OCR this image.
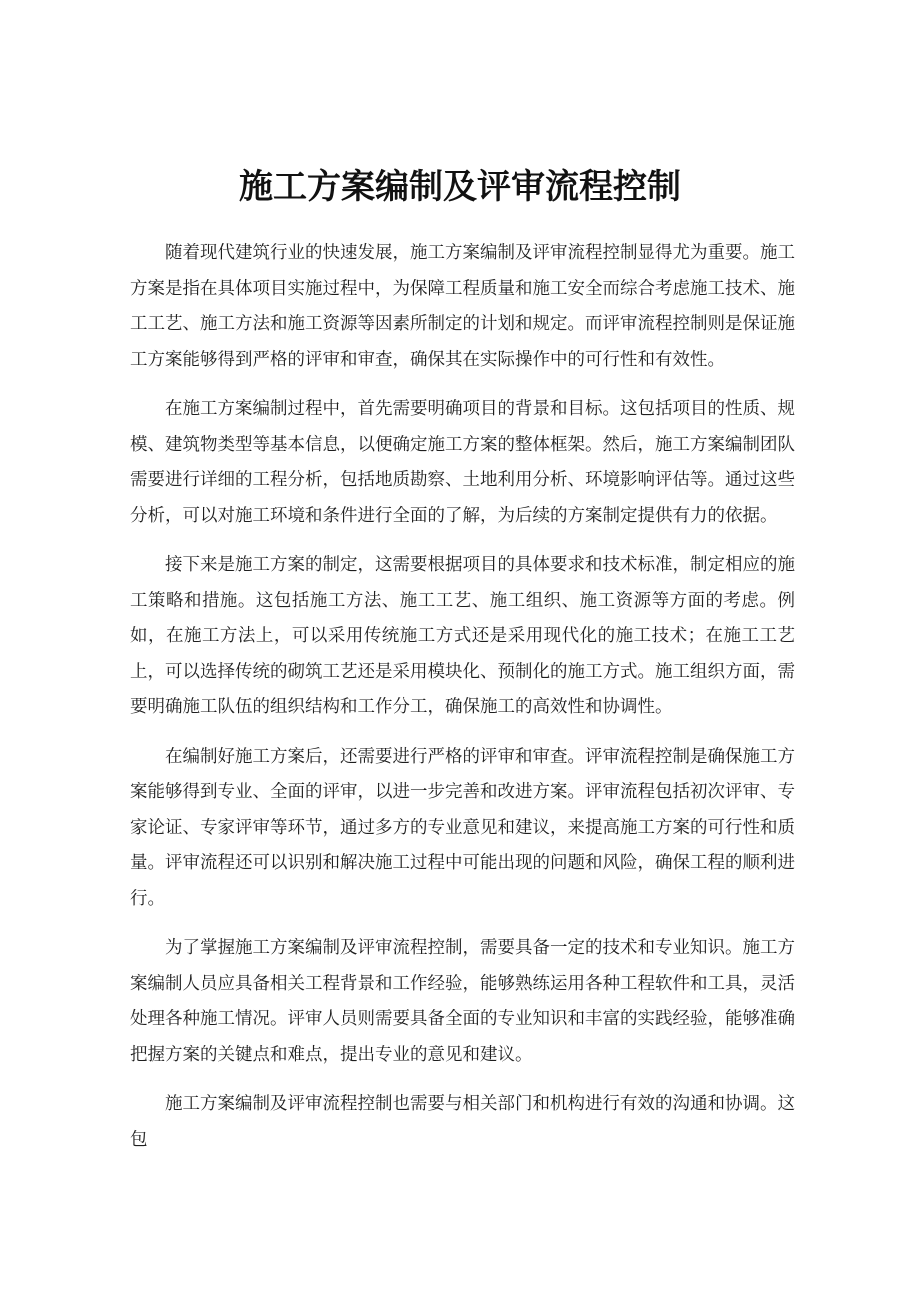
施工方案编制及评审流程控制

随着现代建筑行业的快速发展，施工方案编制及评审流程控制显得尤为重要。施工方案是指在具体项目实施过程中，为保障工程质量和施工安全而综合考虑施工技术、施工工艺、施工方法和施工资源等因素所制定的计划和规定。而评审流程控制则是保证施工方案能够得到严格的评审和审查，确保其在实际操作中的可行性和有效性。

在施工方案编制过程中，首先需要明确项目的背景和目标。这包括项目的性质、规模、建筑物类型等基本信息，以便确定施工方案的整体框架。然后，施工方案编制团队需要进行详细的工程分析，包括地质勘察、土地利用分析、环境影响评估等。通过这些分析，可以对施工环境和条件进行全面的了解，为后续的方案制定提供有力的依据。

接下来是施工方案的制定，这需要根据项目的具体要求和技术标准，制定相应的施工策略和措施。这包括施工方法、施工工艺、施工组织、施工资源等方面的考虑。例如，在施工方法上，可以采用传统施工方式还是采用现代化的施工技术；在施工工艺上，可以选择传统的砌筑工艺还是采用模块化、预制化的施工方式。施工组织方面，需要明确施工队伍的组织结构和工作分工，确保施工的高效性和协调性。

在编制好施工方案后，还需要进行严格的评审和审查。评审流程控制是确保施工方案能够得到专业、全面的评审，以进一步完善和改进方案。评审流程包括初次评审、专家论证、专家评审等环节，通过多方的专业意见和建议，来提高施工方案的可行性和质量。评审流程还可以识别和解决施工过程中可能出现的问题和风险，确保工程的顺利进行。

为了掌握施工方案编制及评审流程控制，需要具备一定的技术和专业知识。施工方案编制人员应具备相关工程背景和工作经验，能够熟练运用各种工程软件和工具，灵活处理各种施工情况。评审人员则需要具备全面的专业知识和丰富的实践经验，能够准确把握方案的关键点和难点，提出专业的意见和建议。

施工方案编制及评审流程控制也需要与相关部门和机构进行有效的沟通和协调。这包
